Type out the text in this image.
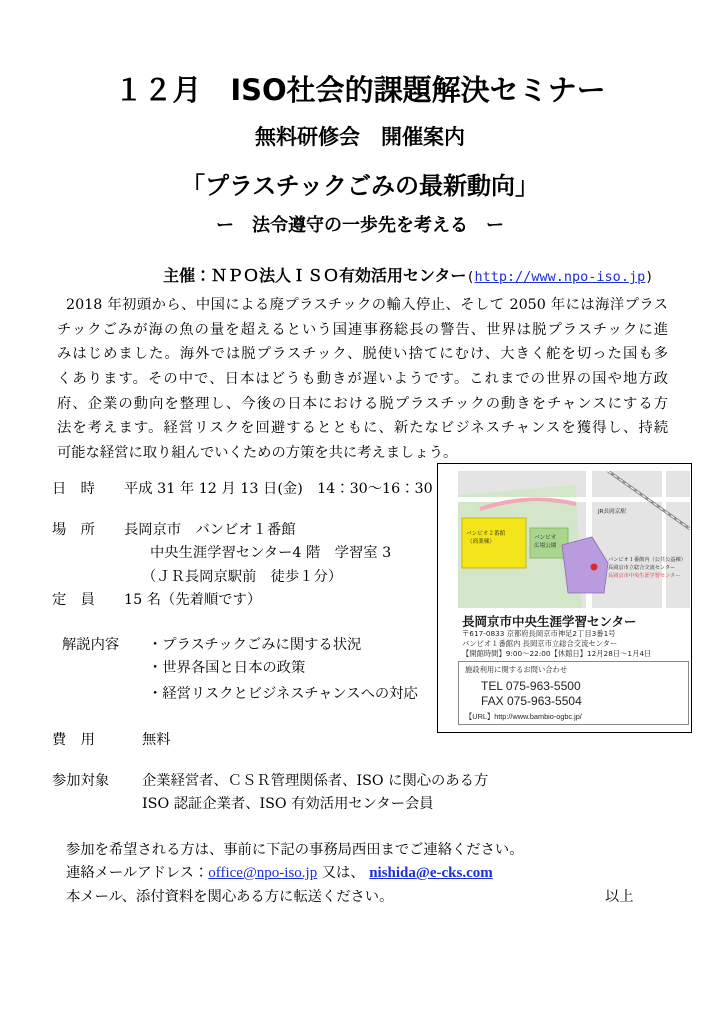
１２月　ISO社会的課題解決セミナー
無料研修会　開催案内
「プラスチックごみの最新動向」
ー　法令遵守の一歩先を考える　ー
主催：ＮＰＯ法人ＩＳＯ有効活用センター(http://www.npo-iso.jp)
2018 年初頭から、中国による廃プラスチックの輸入停止、そして 2050 年には海洋プラス
チックごみが海の魚の量を超えるという国連事務総長の警告、世界は脱プラスチックに進
みはじめました。海外では脱プラスチック、脱使い捨てにむけ、大きく舵を切った国も多
くあります。その中で、日本はどうも動きが遅いようです。これまでの世界の国や地方政
府、企業の動向を整理し、今後の日本における脱プラスチックの動きをチャンスにする方
法を考えます。経営リスクを回避するとともに、新たなビジネスチャンスを獲得し、持続
可能な経営に取り組んでいくための方策を共に考えましょう。
日　時 平成 31 年 12 月 13 日(金)　14：30〜16：30
場　所 長岡京市　バンビオ１番館
中央生涯学習センター4 階　学習室 3
（ＪＲ長岡京駅前　徒歩１分）
定　員 15 名（先着順です）
解説内容 ・プラスチックごみに関する状況
・世界各国と日本の政策
・経営リスクとビジネスチャンスへの対応
費　用	無料
参加対象 企業経営者、ＣＳＲ管理関係者、ISO に関心のある方
ISO 認証企業者、ISO 有効活用センター会員
JR長岡京駅
バンビオ２番館
（商業棟）
バンビオ
広場公園
バンビオ１番館内（公共公益棟）
長岡京市立総合交流センター
長岡京市中央生涯学習センター
長岡京市中央生涯学習センター
〒617-0833 京都府長岡京市神足2丁目3番1号
バンビオ１番館内 長岡京市立総合交流センター
【開館時間】9:00〜22:00【休館日】12月28日〜1月4日
施設利用に関するお問い合わせ
TEL 075-963-5500
FAX 075-963-5504
【URL】http://www.bambio-ogbc.jp/
参加を希望される方は、事前に下記の事務局西田までご連絡ください。
連絡メールアドレス：office@npo-iso.jp 又は、 nishida@e-cks.com
本メール、添付資料を関心ある方に転送ください。	以上
